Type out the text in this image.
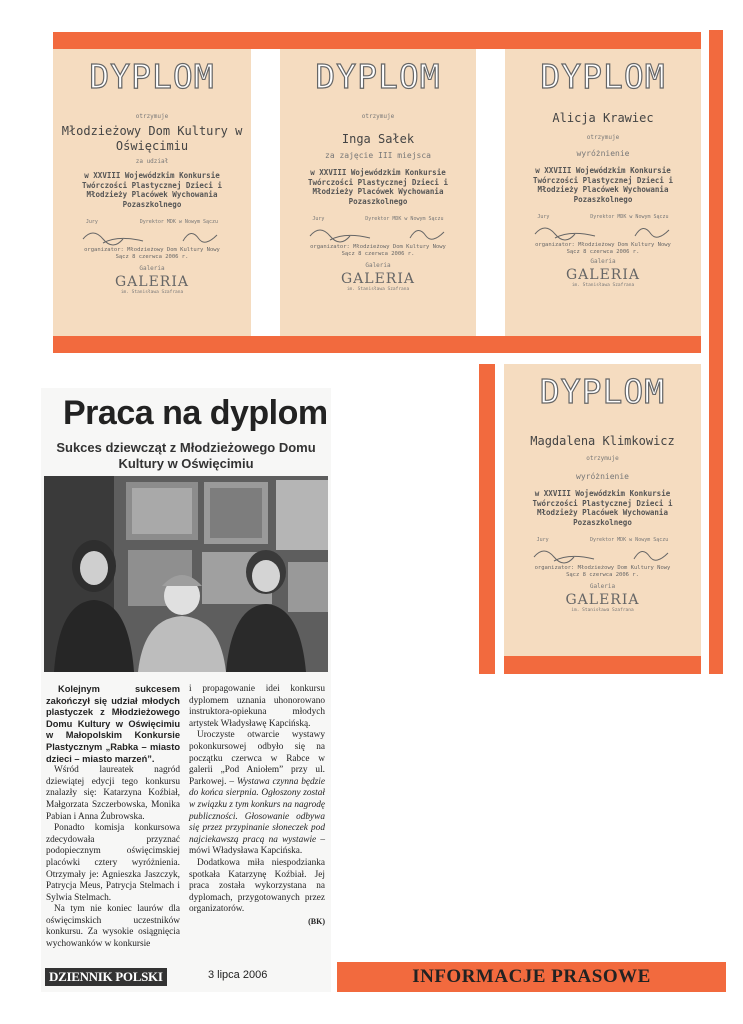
DYPLOM
otrzymuje
Młodzieżowy Dom Kultury w Oświęcimiu
za udział
w XXVIII Wojewódzkim Konkursie Twórczości Plastycznej Dzieci i Młodzieży Placówek Wychowania Pozaszkolnego
Jury	Dyrektor MDK w Nowym Sączu
organizator: Młodzieżowy Dom Kultury Nowy Sącz 8 czerwca 2006 r.
Galeria
GALERIA
im. Stanisława Szafrana
DYPLOM
otrzymuje
Inga Sałek
za zajęcie III miejsca
w XXVIII Wojewódzkim Konkursie Twórczości Plastycznej Dzieci i Młodzieży Placówek Wychowania Pozaszkolnego
Jury	Dyrektor MDK w Nowym Sączu
organizator: Młodzieżowy Dom Kultury Nowy Sącz 8 czerwca 2006 r.
Galeria
GALERIA
im. Stanisława Szafrana
DYPLOM
Alicja Krawiec
otrzymuje
wyróżnienie
w XXVIII Wojewódzkim Konkursie Twórczości Plastycznej Dzieci i Młodzieży Placówek Wychowania Pozaszkolnego
Jury	Dyrektor MDK w Nowym Sączu
organizator: Młodzieżowy Dom Kultury Nowy Sącz 8 czerwca 2006 r.
Galeria
GALERIA
im. Stanisława Szafrana
DYPLOM
Magdalena Klimkowicz
otrzymuje
wyróżnienie
w XXVIII Wojewódzkim Konkursie Twórczości Plastycznej Dzieci i Młodzieży Placówek Wychowania Pozaszkolnego
Jury	Dyrektor MDK w Nowym Sączu
organizator: Młodzieżowy Dom Kultury Nowy Sącz 8 czerwca 2006 r.
Galeria
GALERIA
im. Stanisława Szafrana
Praca na dyplom
Sukces dziewcząt z Młodzieżowego Domu Kultury w Oświęcimiu

Kolejnym sukcesem zakończył się udział młodych plastyczek z Młodzieżowego Domu Kultury w Oświęcimiu w Małopolskim Konkursie Plastycznym „Rabka – miasto dzieci – miasto marzeń”.

Wśród laureatek nagród dziewiątej edycji tego konkursu znalazły się: Katarzyna Koźbiał, Małgorzata Szczerbowska, Monika Pabian i Anna Żubrowska.

Ponadto komisja konkursowa zdecydowała przyznać podopiecznym oświęcimskiej placówki cztery wyróżnienia. Otrzymały je: Agnieszka Jaszczyk, Patrycja Meus, Patrycja Stelmach i Sylwia Stelmach.

Na tym nie koniec laurów dla oświęcimskich uczestników konkursu. Za wysokie osiągnięcia wychowanków w konkursie

i propagowanie idei konkursu dyplomem uznania uhonorowano instruktora-opiekuna młodych artystek Władysławę Kapcińską.

Uroczyste otwarcie wystawy pokonkursowej odbyło się na początku czerwca w Rabce w galerii „Pod Aniołem” przy ul. Parkowej. – Wystawa czynna będzie do końca sierpnia. Ogłoszony został w związku z tym konkurs na nagrodę publiczności. Głosowanie odbywa się przez przypinanie słoneczek pod najciekawszą pracą na wystawie – mówi Władysława Kapcińska.

Dodatkowa miła niespodzianka spotkała Katarzynę Koźbiał. Jej praca została wykorzystana na dyplomach, przygotowanych przez organizatorów.

(BK)
DZIENNIK POLSKI	3 lipca 2006	INFORMACJE PRASOWE
